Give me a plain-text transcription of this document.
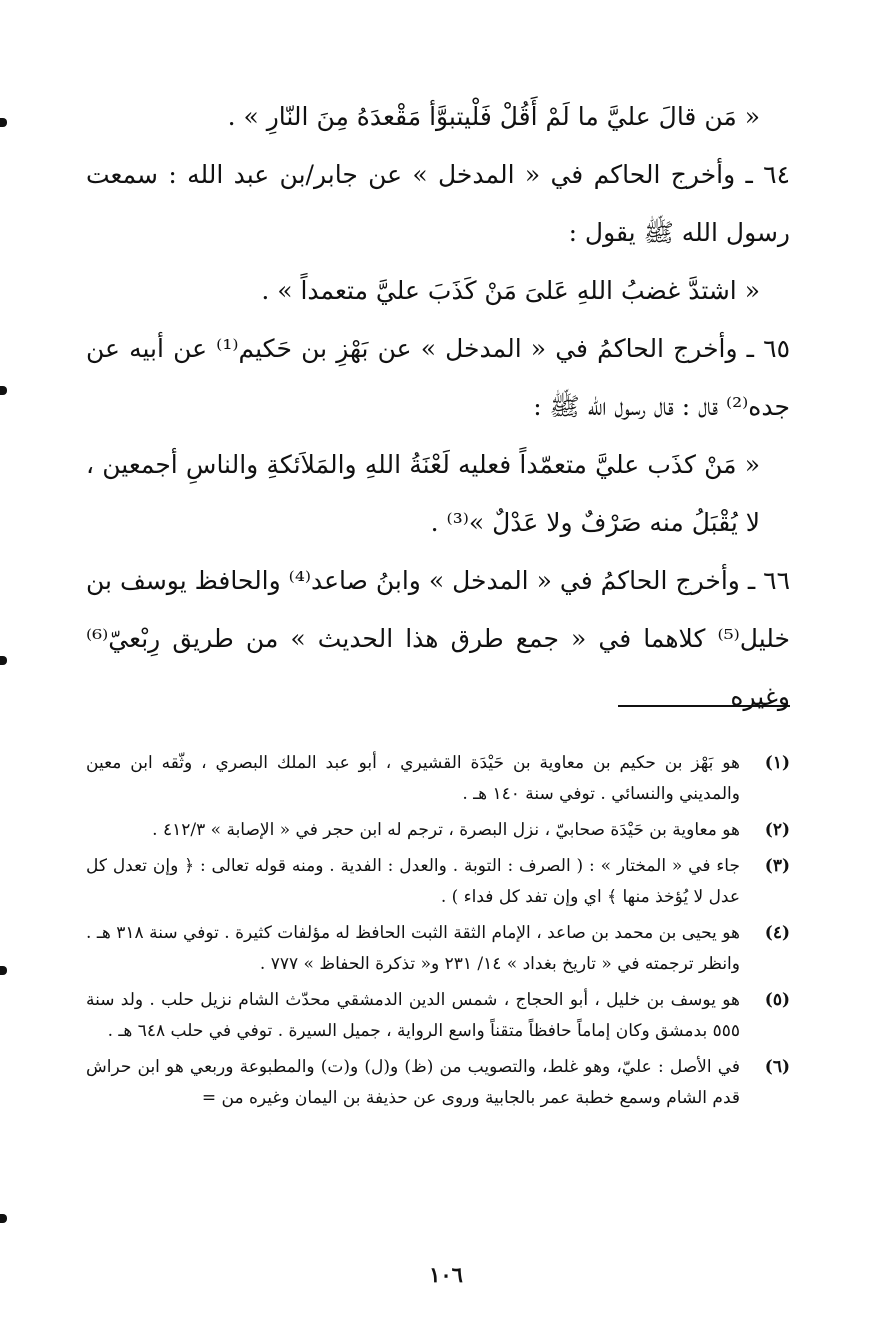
« مَن قالَ عليَّ ما لَمْ أَقُلْ فَلْيتبوَّأ مَقْعدَهُ مِنَ النّارِ » .

٦٤ ـ وأخرج الحاكم في « المدخل » عن جابر/بن عبد الله : سمعت رسول الله ﷺ يقول :

« اشتدَّ غضبُ اللهِ عَلىَ مَنْ كَذَبَ عليَّ متعمداً » .

٦٥ ـ وأخرج الحاكمُ في « المدخل » عن بَهْزِ بن حَكيم⁽¹⁾ عن أبيه عن جده⁽²⁾ قال : قال رسول الله ﷺ :

« مَنْ كذَب عليَّ متعمّداً فعليه لَعْنَةُ اللهِ والمَلاَئكةِ والناسِ أجمعين ، لا يُقْبَلُ منه صَرْفٌ ولا عَدْلٌ »⁽³⁾ .

٦٦ ـ وأخرج الحاكمُ في « المدخل » وابنُ صاعد⁽⁴⁾ والحافظ يوسف بن خليل⁽⁵⁾ كلاهما في « جمع طرق هذا الحديث » من طريق رِبْعيّ⁽⁶⁾ وغيره

(١)
هو بَهْز بن حكيم بن معاوية بن حَيْدَة القشيري ، أبو عبد الملك البصري ، وثّقه ابن معين والمديني والنسائي . توفي سنة ١٤٠ هـ .
(٢)
هو معاوية بن حَيْدَة صحابيّ ، نزل البصرة ، ترجم له ابن حجر في « الإصابة » ٤١٢/٣ .
(٣)
جاء في « المختار » : ( الصرف : التوبة . والعدل : الفدية . ومنه قوله تعالى : ﴿ وإن تعدل كل عدل لا يُؤخذ منها ﴾ اي وإن تفد كل فداء ) .
(٤)
هو يحيى بن محمد بن صاعد ، الإمام الثقة الثبت الحافظ له مؤلفات كثيرة . توفي سنة ٣١٨ هـ . وانظر ترجمته في « تاريخ بغداد » ١٤/ ٢٣١ و« تذكرة الحفاظ » ٧٧٧ .
(٥)
هو يوسف بن خليل ، أبو الحجاج ، شمس الدين الدمشقي محدّث الشام نزيل حلب . ولد سنة ٥٥٥ بدمشق وكان إماماً حافظاً متقناً واسع الرواية ، جميل السيرة . توفي في حلب ٦٤٨ هـ .
(٦)
في الأصل : عليّ، وهو غلط، والتصويب من (ظ) و(ل) و(ت) والمطبوعة وربعي هو ابن حراش قدم الشام وسمع خطبة عمر بالجابية وروى عن حذيفة بن اليمان وغيره من =
١٠٦
